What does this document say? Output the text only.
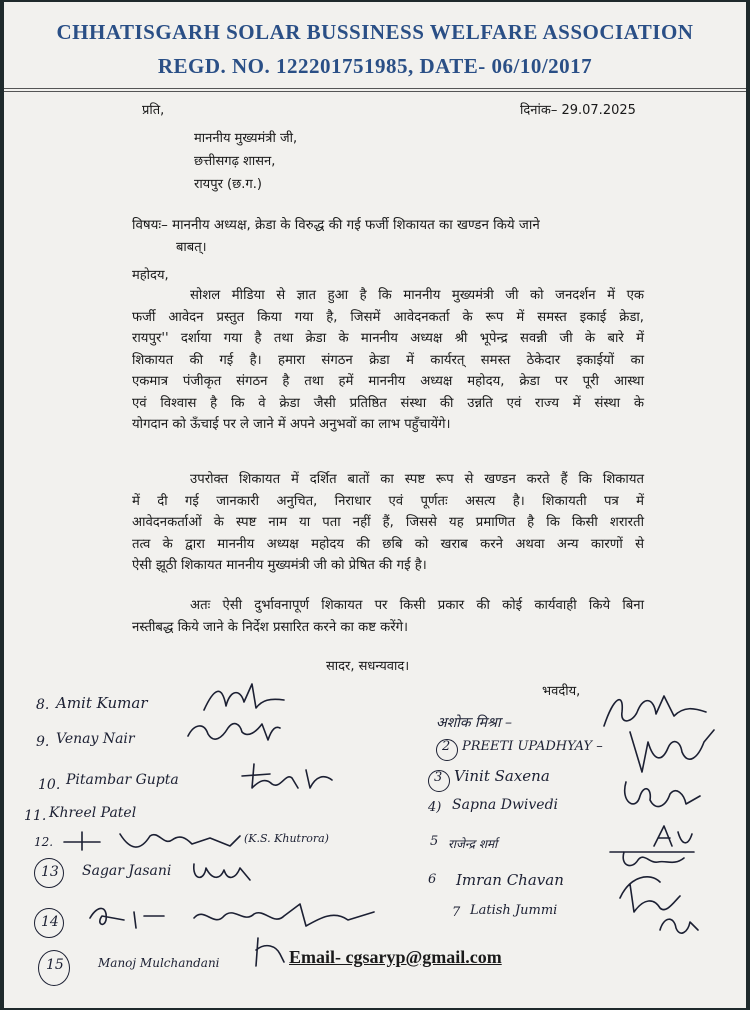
CHHATISGARH SOLAR BUSSINESS WELFARE ASSOCIATION
REGD. NO. 122201751985, DATE- 06/10/2017
प्रति,	दिनांक– 29.07.2025
माननीय मुख्यमंत्री जी,
छत्तीसगढ़ शासन,
रायपुर (छ.ग.)
विषयः– माननीय अध्यक्ष, क्रेडा के विरुद्ध की गई फर्जी शिकायत का खण्डन किये जाने
बाबत्।
महोदय,
सोशल मीडिया से ज्ञात हुआ है कि माननीय मुख्यमंत्री जी को जनदर्शन में एक
फर्जी आवेदन प्रस्तुत किया गया है, जिसमें आवेदनकर्ता के रूप में समस्त इकाई क्रेडा,
रायपुर'' दर्शाया गया है तथा क्रेडा के माननीय अध्यक्ष श्री भूपेन्द्र सवन्नी जी के बारे में
शिकायत की गई है। हमारा संगठन क्रेडा में कार्यरत् समस्त ठेकेदार इकाईयों का
एकमात्र पंजीकृत संगठन है तथा हमें माननीय अध्यक्ष महोदय, क्रेडा पर पूरी आस्था
एवं विश्वास है कि वे क्रेडा जैसी प्रतिष्ठित संस्था की उन्नति एवं राज्य में संस्था के
योगदान को ऊँचाई पर ले जाने में अपने अनुभवों का लाभ पहुँचायेंगे।
उपरोक्त शिकायत में दर्शित बातों का स्पष्ट रूप से खण्डन करते हैं कि शिकायत
में दी गई जानकारी अनुचित, निराधार एवं पूर्णतः असत्य है। शिकायती पत्र में
आवेदनकर्ताओं के स्पष्ट नाम या पता नहीं हैं, जिससे यह प्रमाणित है कि किसी शरारती
तत्व के द्वारा माननीय अध्यक्ष महोदय की छबि को खराब करने अथवा अन्य कारणों से
ऐसी झूठी शिकायत माननीय मुख्यमंत्री जी को प्रेषित की गई है।
अतः ऐसी दुर्भावनापूर्ण शिकायत पर किसी प्रकार की कोई कार्यवाही किये बिना
नस्तीबद्ध किये जाने के निर्देश प्रसारित करने का कष्ट करेंगे।
सादर, सधन्यवाद।
भवदीय,
8. Amit Kumar
9. Venay Nair
10. Pitambar Gupta
11. Khreel Patel
12.	(K.S. Khutrora)
13 Sagar Jasani
14
15	Manoj Mulchandani
अशोक मिश्रा –
2 PREETI UPADHYAY –
3 Vinit Saxena
4) Sapna Dwivedi
5 राजेन्द्र शर्मा
6 Imran Chavan
7 Latish Jummi
Email- cgsaryp@gmail.com
